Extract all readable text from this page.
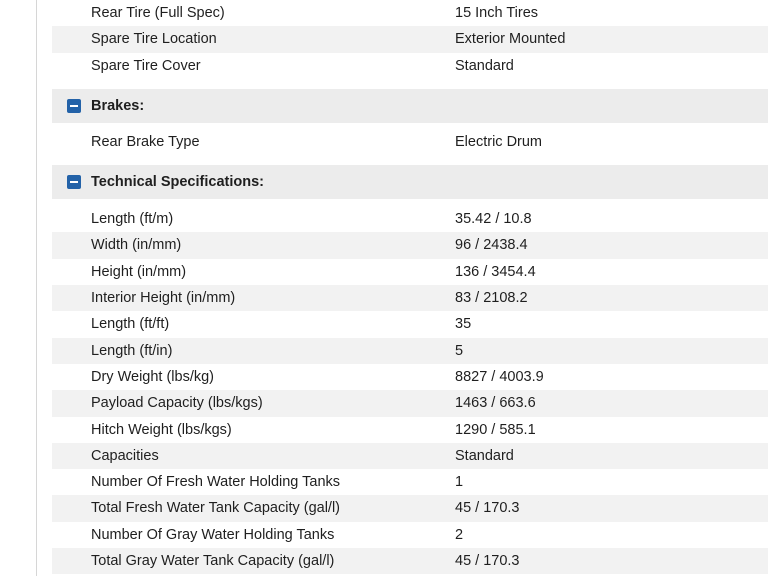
Rear Tire (Full Spec)	15 Inch Tires
Spare Tire Location	Exterior Mounted
Spare Tire Cover	Standard
Brakes:
Rear Brake Type	Electric Drum
Technical Specifications:
Length (ft/m)	35.42 / 10.8
Width (in/mm)	96 / 2438.4
Height (in/mm)	136 / 3454.4
Interior Height (in/mm)	83 / 2108.2
Length (ft/ft)	35
Length (ft/in)	5
Dry Weight (lbs/kg)	8827 / 4003.9
Payload Capacity (lbs/kgs)	1463 / 663.6
Hitch Weight (lbs/kgs)	1290 / 585.1
Capacities	Standard
Number Of Fresh Water Holding Tanks	1
Total Fresh Water Tank Capacity (gal/l)	45 / 170.3
Number Of Gray Water Holding Tanks	2
Total Gray Water Tank Capacity (gal/l)	45 / 170.3
